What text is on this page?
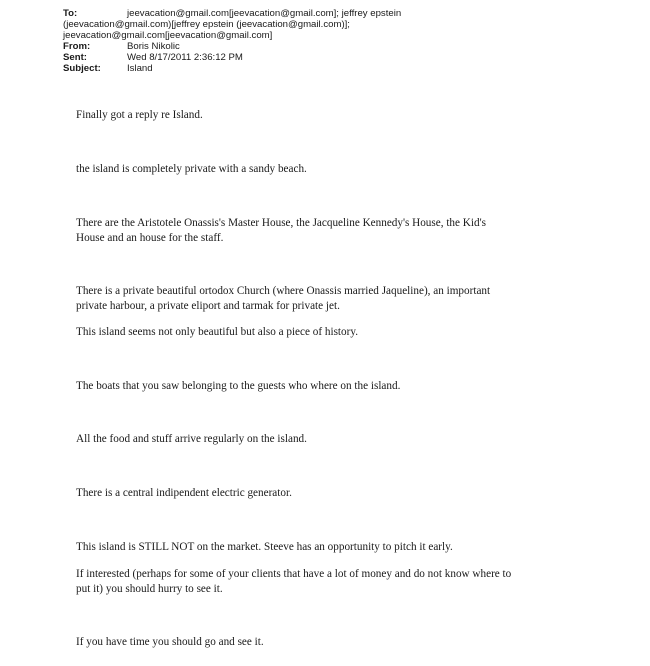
To:	jeevacation@gmail.com[jeevacation@gmail.com]; jeffrey epstein
(jeevacation@gmail.com)[jeffrey epstein (jeevacation@gmail.com)];
jeevacation@gmail.com[jeevacation@gmail.com]
From:	Boris Nikolic
Sent:	Wed 8/17/2011 2:36:12 PM
Subject:	Island

Finally got a reply re Island.

the island is completely private with a sandy beach.

There are the Aristotele Onassis's Master House, the Jacqueline Kennedy's House, the Kid's
House and an house for the staff.
There is a private beautiful ortodox Church (where Onassis married Jaqueline), an important
private harbour, a private eliport and tarmak for private jet.

This island seems not only beautiful but also a piece of history.

The boats that you saw belonging to the guests who where on the island.

All the food and stuff arrive regularly on the island.

There is a central indipendent electric generator.

This island is STILL NOT on the market. Steeve has an opportunity to pitch it early.

If interested (perhaps for some of your clients that have a lot of money and do not know where to
put it) you should hurry to see it.

If you have time you should go and see it.
